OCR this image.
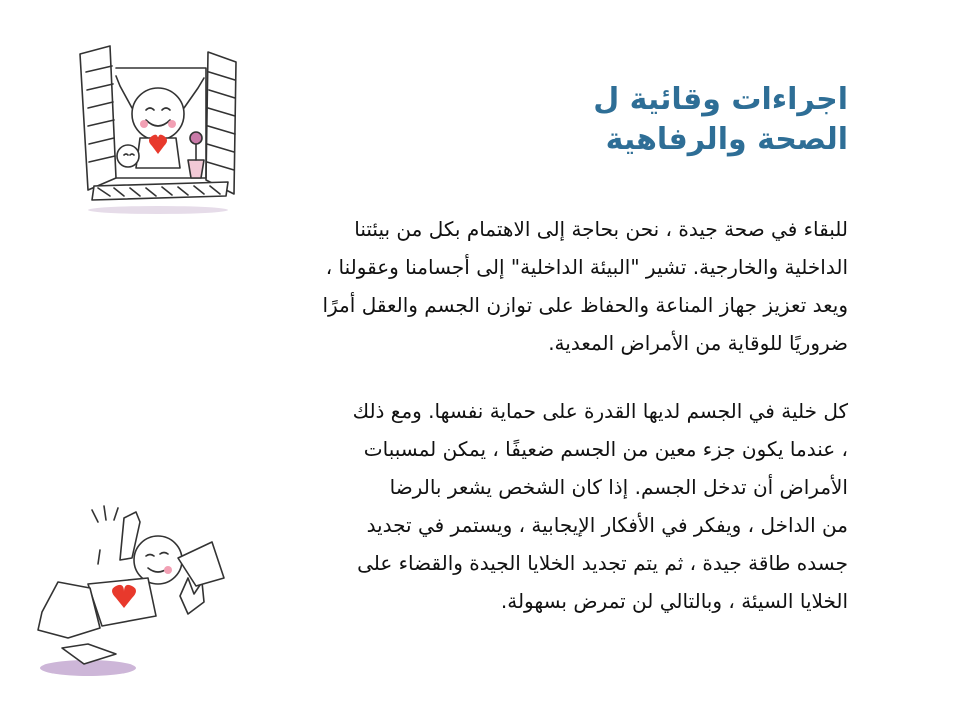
اجراءات وقائية ل
الصحة والرفاهية

للبقاء في صحة جيدة ، نحن بحاجة إلى الاهتمام بكل من بيئتنا
الداخلية والخارجية. تشير "البيئة الداخلية" إلى أجسامنا وعقولنا ،
ويعد تعزيز جهاز المناعة والحفاظ على توازن الجسم والعقل أمرًا
ضروريًا للوقاية من الأمراض المعدية.

كل خلية في الجسم لديها القدرة على حماية نفسها. ومع ذلك
، عندما يكون جزء معين من الجسم ضعيفًا ، يمكن لمسببات
الأمراض أن تدخل الجسم. إذا كان الشخص يشعر بالرضا
من الداخل ، ويفكر في الأفكار الإيجابية ، ويستمر في تجديد
جسده طاقة جيدة ، ثم يتم تجديد الخلايا الجيدة والقضاء على
الخلايا السيئة ، وبالتالي لن تمرض بسهولة.
